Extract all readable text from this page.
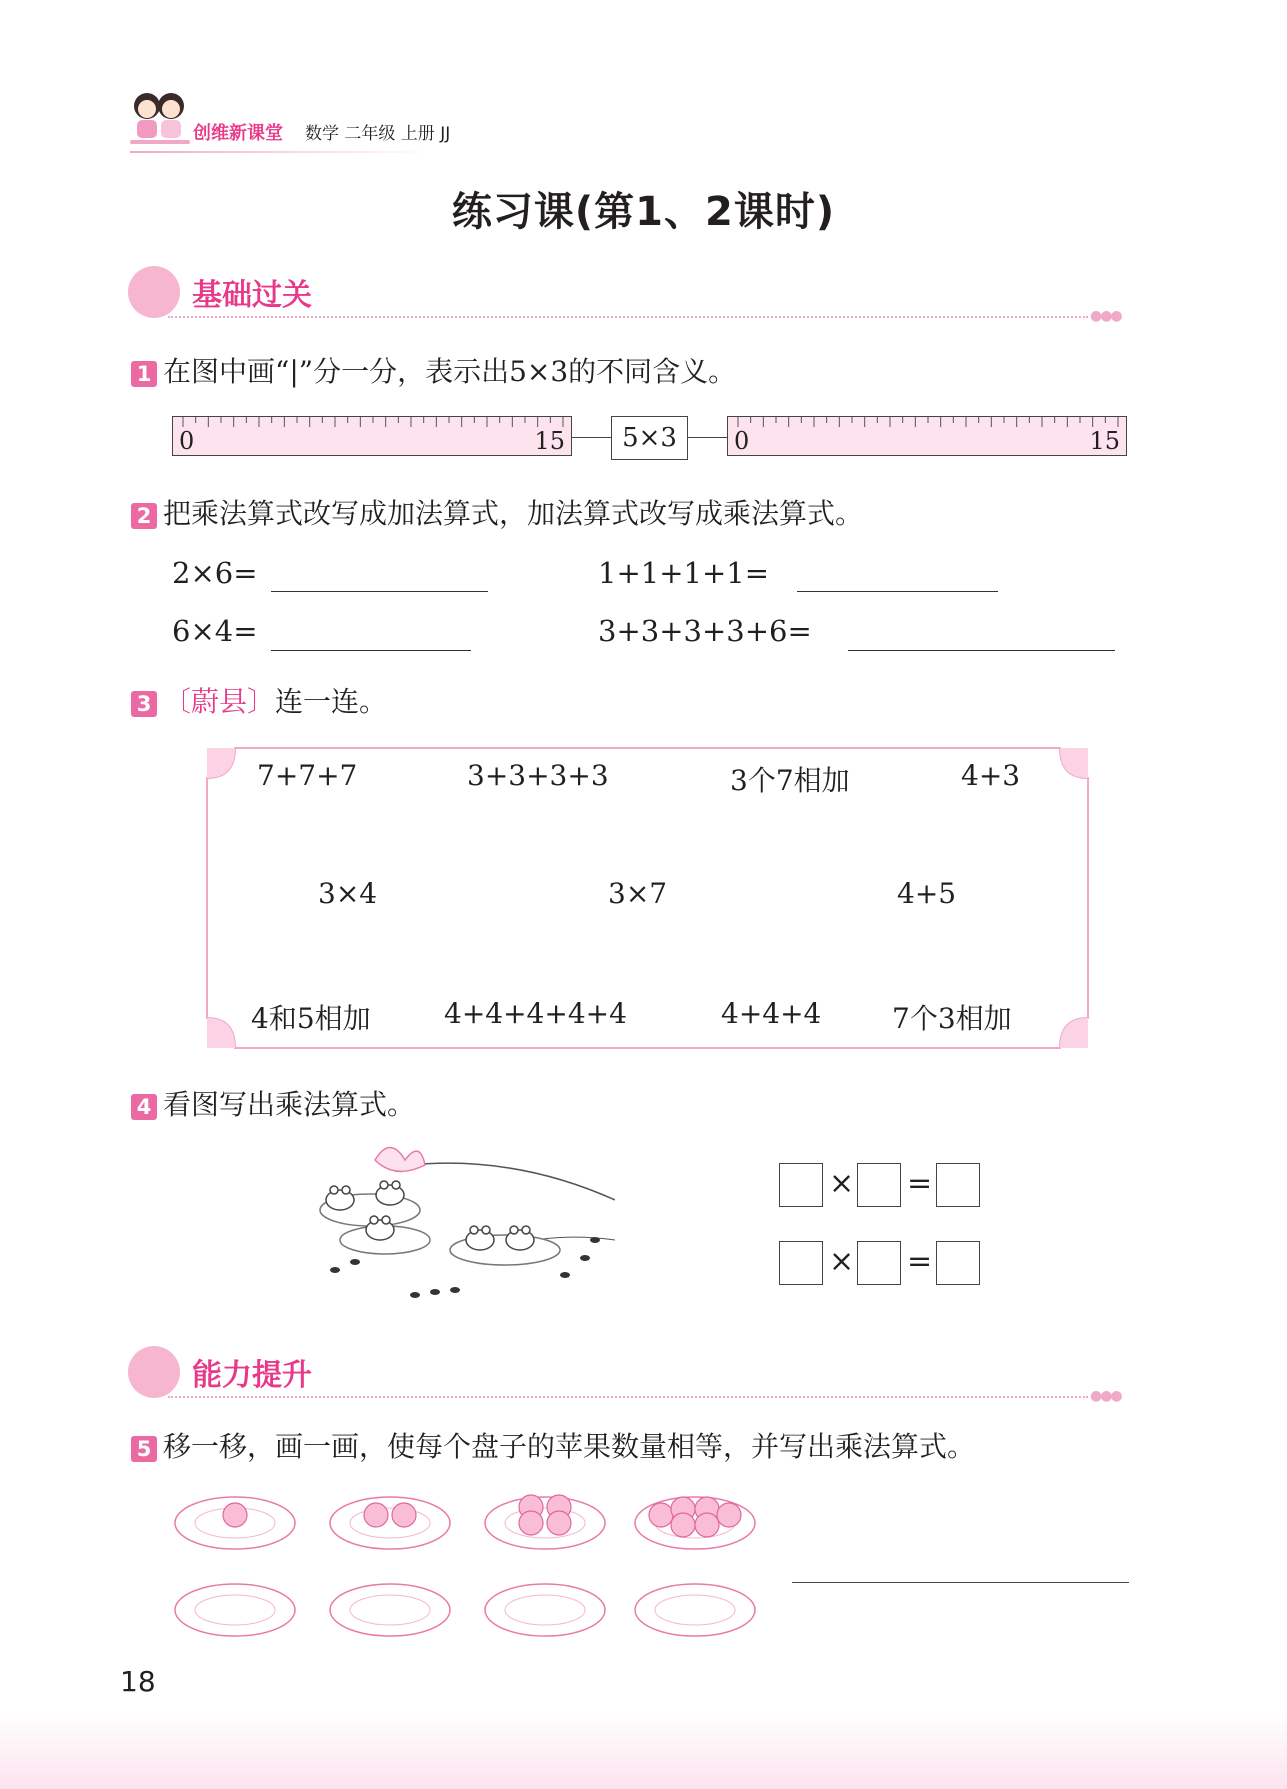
创维新课堂 数学 二年级 上册 JJ
练习课(第1、2课时)
基础过关
●●●
1 在图中画“|”分一分，表示出5×3的不同含义。
0	15	5×3	0	15
2 把乘法算式改写成加法算式，加法算式改写成乘法算式。
2×6=	1+1+1+1=
6×4=	3+3+3+3+6=
3 〔蔚县〕连一连。
7+7+7	3+3+3+3	3个7相加	4+3
3×4	3×7	4+5
4和5相加	4+4+4+4+4	4+4+4	7个3相加
4 看图写出乘法算式。
× =
× =
能力提升
●●●
5 移一移，画一画，使每个盘子的苹果数量相等，并写出乘法算式。
18
